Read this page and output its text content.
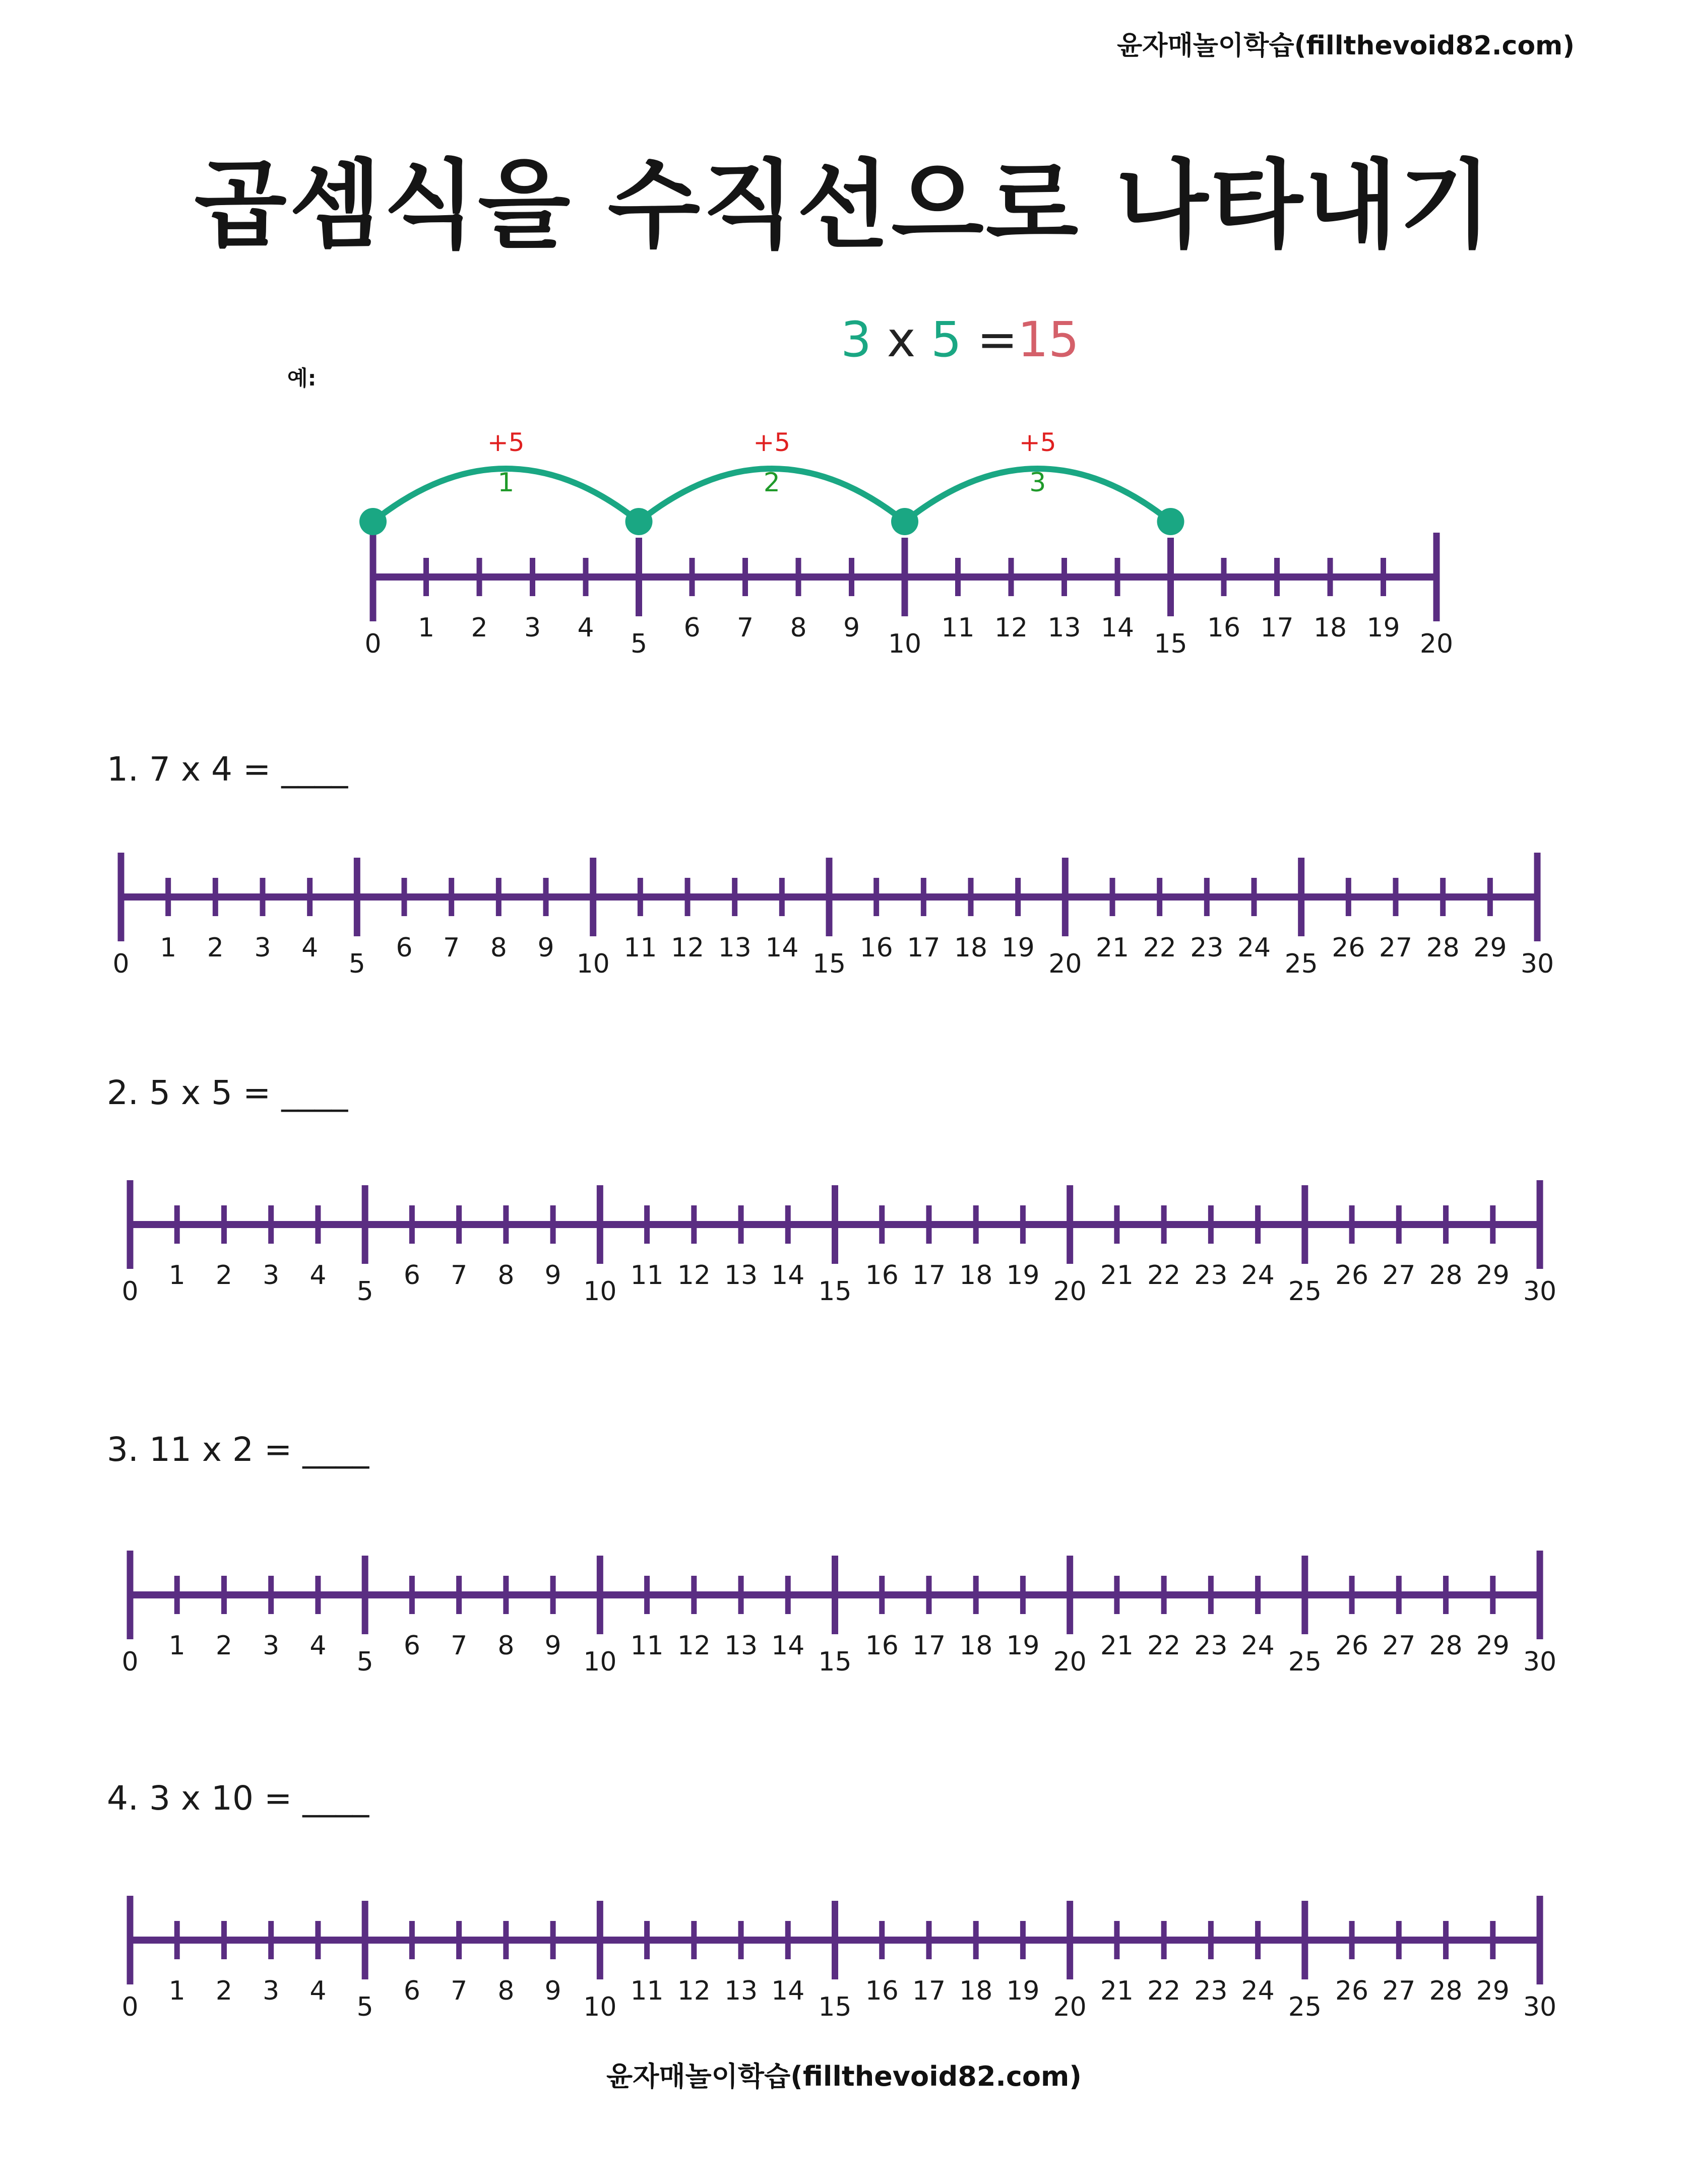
윤자매놀이학습(fillthevoid82.com)
곱셈식을 수직선으로 나타내기
예:
3 x 5 =15
1. 7 x 4 = ____
2. 5 x 5 = ____
3. 11 x 2 = ____
4. 3 x 10 = ____
0
1 2 3 4
5
6 7 8 9
10
11 12 13 14
15
16 17 18 19
20
+5
1
+5
2
+5
3
0
1 2 3 4
5
6 7 8 9
10
11 12 13 14
15
16 17 18 19
20
21 22 23 24
25
26 27 28 29
30
0
1 2 3 4
5
6 7 8 9
10
11 12 13 14
15
16 17 18 19
20
21 22 23 24
25
26 27 28 29
30
0
1 2 3 4
5
6 7 8 9
10
11 12 13 14
15
16 17 18 19
20
21 22 23 24
25
26 27 28 29
30
0
1 2 3 4
5
6 7 8 9
10
11 12 13 14
15
16 17 18 19
20
21 22 23 24
25
26 27 28 29
30
윤자매놀이학습(fillthevoid82.com)
